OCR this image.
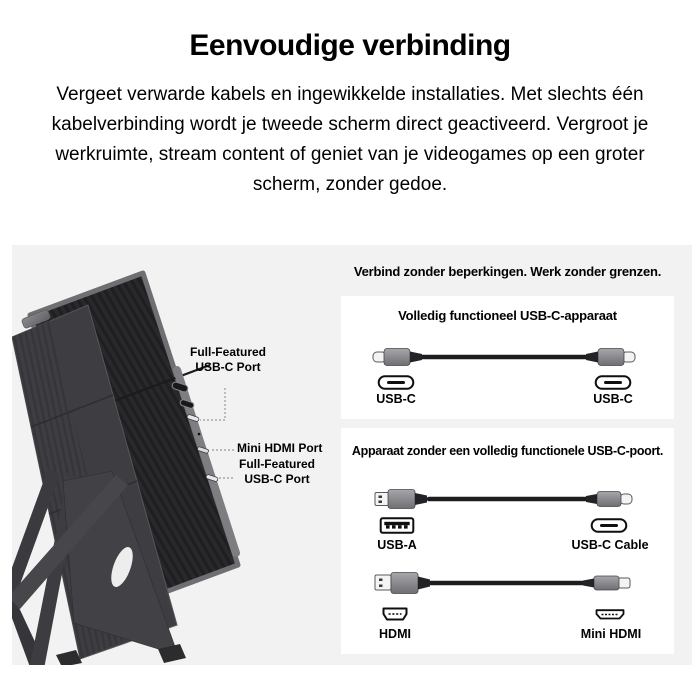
Eenvoudige verbinding
Vergeet verwarde kabels en ingewikkelde installaties. Met slechts één
kabelverbinding wordt je tweede scherm direct geactiveerd. Vergroot je
werkruimte, stream content of geniet van je videogames op een groter
scherm, zonder gedoe.
Full-Featured
USB-C Port
Mini HDMI Port
Full-Featured
USB-C Port
Verbind zonder beperkingen. Werk zonder grenzen.
Volledig functioneel USB-C-apparaat
USB-C	USB-C
Apparaat zonder een volledig functionele USB-C-poort.
USB-A	USB-C Cable
HDMI	Mini HDMI
